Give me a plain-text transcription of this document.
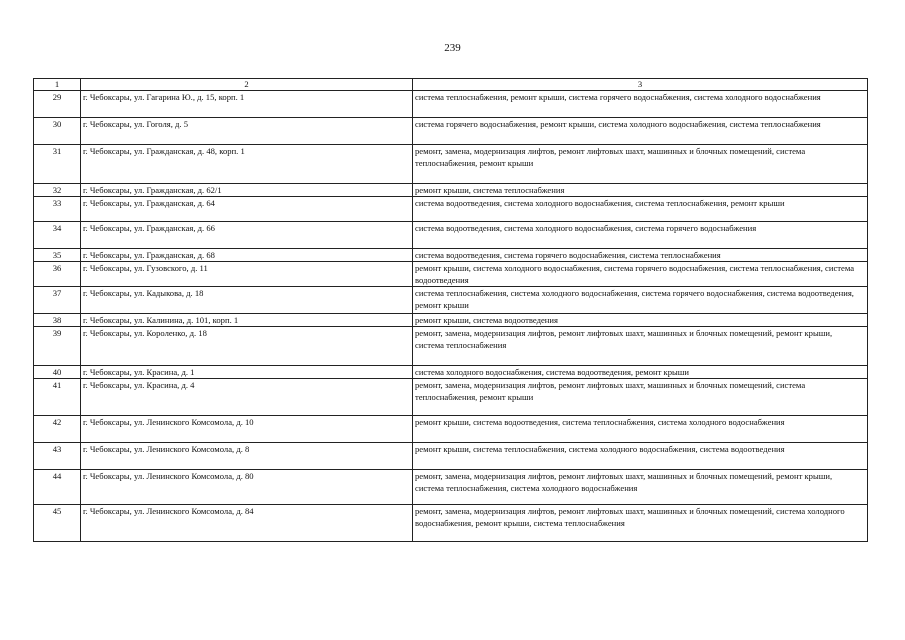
239
1	2	3
29	г. Чебоксары, ул. Гагарина Ю., д. 15, корп. 1	система теплоснабжения, ремонт крыши, система горячего водоснабжения, система холодного водоснабжения
30	г. Чебоксары, ул. Гоголя, д. 5	система горячего водоснабжения, ремонт крыши, система холодного водоснабжения, система теплоснабжения
31	г. Чебоксары, ул. Гражданская, д. 48, корп. 1	ремонт, замена, модернизация лифтов, ремонт лифтовых шахт, машинных и блочных помещений, система теплоснабжения, ремонт крыши
32	г. Чебоксары, ул. Гражданская, д. 62/1	ремонт крыши, система теплоснабжения
33	г. Чебоксары, ул. Гражданская, д. 64	система водоотведения, система холодного водоснабжения, система теплоснабжения, ремонт крыши
34	г. Чебоксары, ул. Гражданская, д. 66	система водоотведения, система холодного водоснабжения, система горячего водоснабжения
35	г. Чебоксары, ул. Гражданская, д. 68	система водоотведения, система горячего водоснабжения, система теплоснабжения
36	г. Чебоксары, ул. Гузовского, д. 11	ремонт крыши, система холодного водоснабжения, система горячего водоснабжения, система теплоснабжения, система водоотведения
37	г. Чебоксары, ул. Кадыкова, д. 18	система теплоснабжения, система холодного водоснабжения, система горячего водоснабжения, система водоотведения, ремонт крыши
38	г. Чебоксары, ул. Калинина, д. 101, корп. 1	ремонт крыши, система водоотведения
39	г. Чебоксары, ул. Короленко, д. 18	ремонт, замена, модернизация лифтов, ремонт лифтовых шахт, машинных и блочных помещений, ремонт крыши, система теплоснабжения
40	г. Чебоксары, ул. Красина, д. 1	система холодного водоснабжения, система водоотведения, ремонт крыши
41	г. Чебоксары, ул. Красина, д. 4	ремонт, замена, модернизация лифтов, ремонт лифтовых шахт, машинных и блочных помещений, система теплоснабжения, ремонт крыши
42	г. Чебоксары, ул. Ленинского Комсомола, д. 10	ремонт крыши, система водоотведения, система теплоснабжения, система холодного водоснабжения
43	г. Чебоксары, ул. Ленинского Комсомола, д. 8	ремонт крыши, система теплоснабжения, система холодного водоснабжения, система водоотведения
44	г. Чебоксары, ул. Ленинского Комсомола, д. 80	ремонт, замена, модернизация лифтов, ремонт лифтовых шахт, машинных и блочных помещений, ремонт крыши, система теплоснабжения, система холодного водоснабжения
45	г. Чебоксары, ул. Ленинского Комсомола, д. 84	ремонт, замена, модернизация лифтов, ремонт лифтовых шахт, машинных и блочных помещений, система холодного водоснабжения, ремонт крыши, система теплоснабжения
